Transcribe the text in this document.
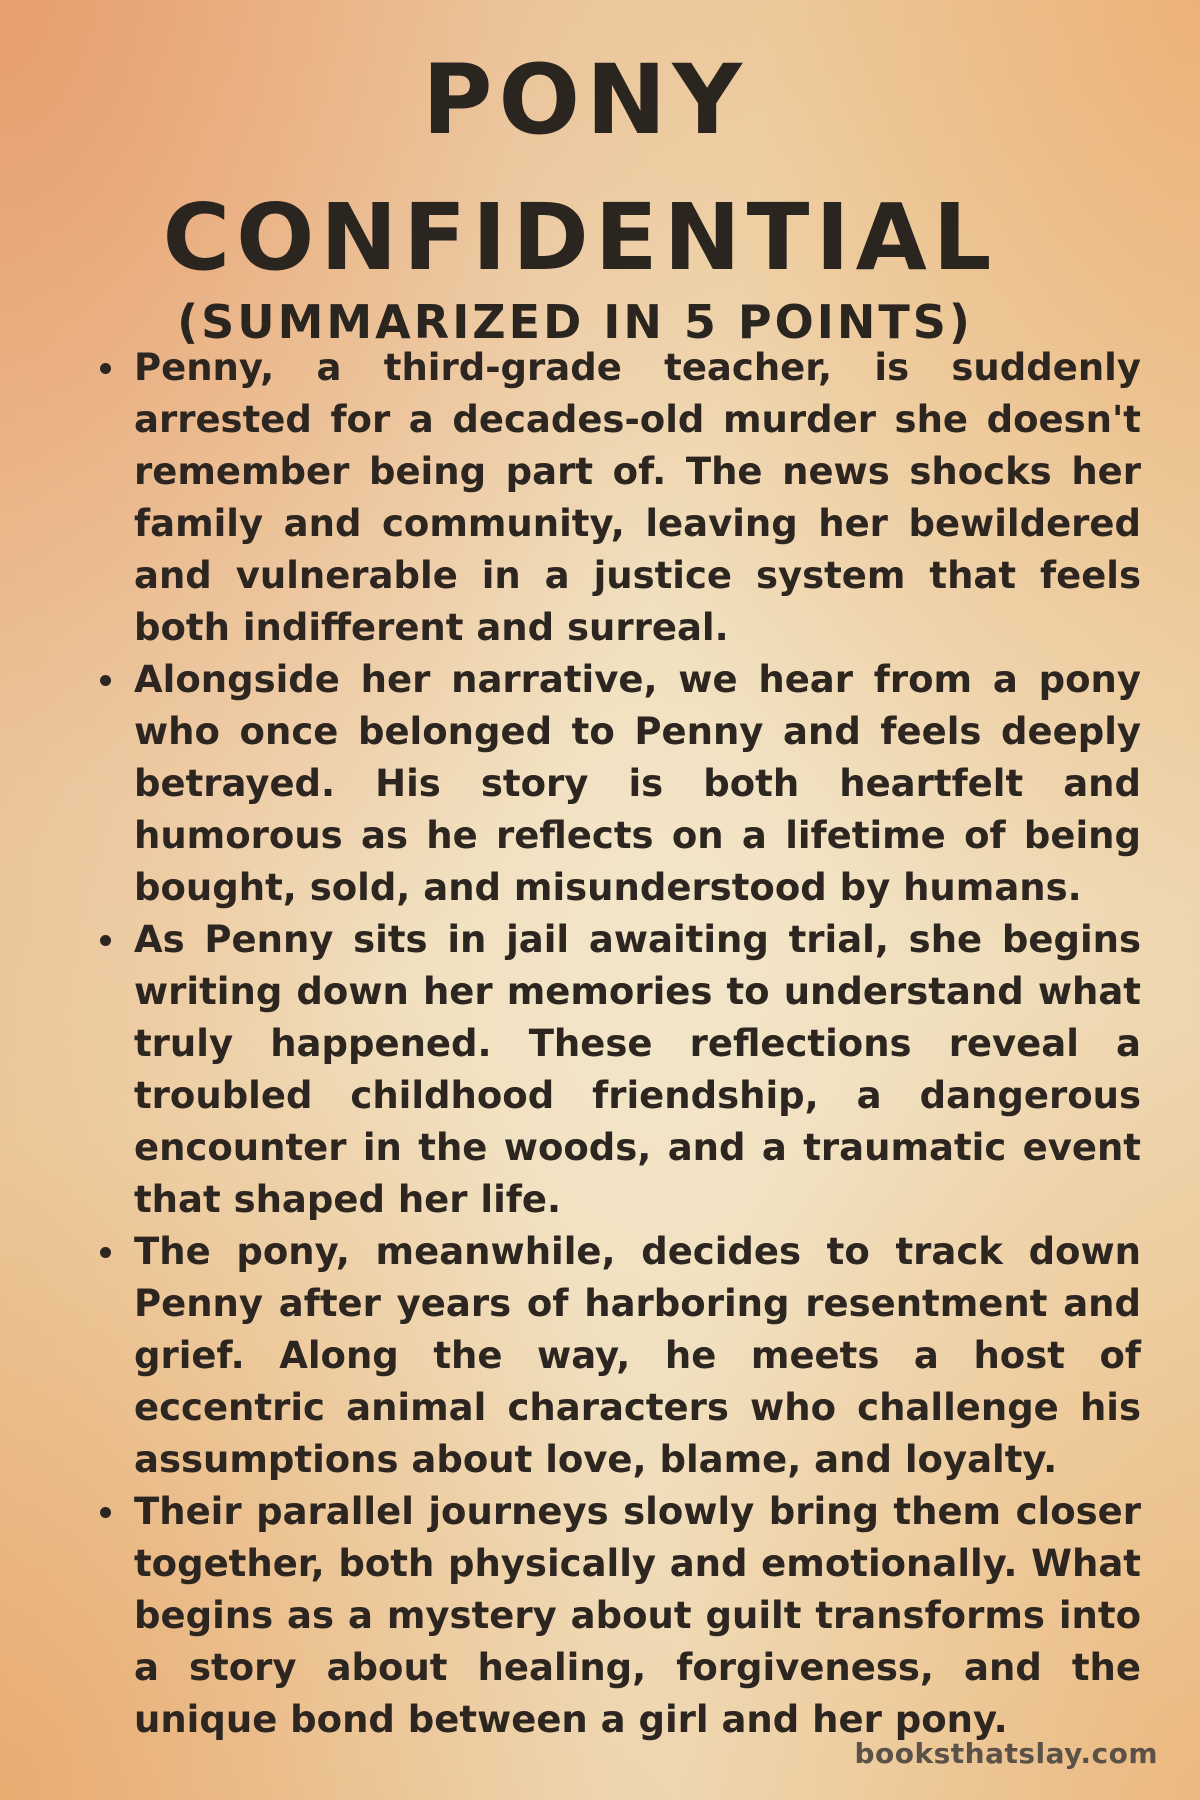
PONY
CONFIDENTIAL
(SUMMARIZED IN 5 POINTS)
Penny, a third-grade teacher, is suddenly arrested for a decades-old murder she doesn't remember being part of. The news shocks her family and community, leaving her bewildered and vulnerable in a justice system that feels both indifferent and surreal.
Alongside her narrative, we hear from a pony who once belonged to Penny and feels deeply betrayed. His story is both heartfelt and humorous as he reflects on a lifetime of being bought, sold, and misunderstood by humans.
As Penny sits in jail awaiting trial, she begins writing down her memories to understand what truly happened. These reflections reveal a troubled childhood friendship, a dangerous encounter in the woods, and a traumatic event that shaped her life.
The pony, meanwhile, decides to track down Penny after years of harboring resentment and grief. Along the way, he meets a host of eccentric animal characters who challenge his assumptions about love, blame, and loyalty.
Their parallel journeys slowly bring them closer together, both physically and emotionally. What begins as a mystery about guilt transforms into a story about healing, forgiveness, and the unique bond between a girl and her pony.
booksthatslay.com
